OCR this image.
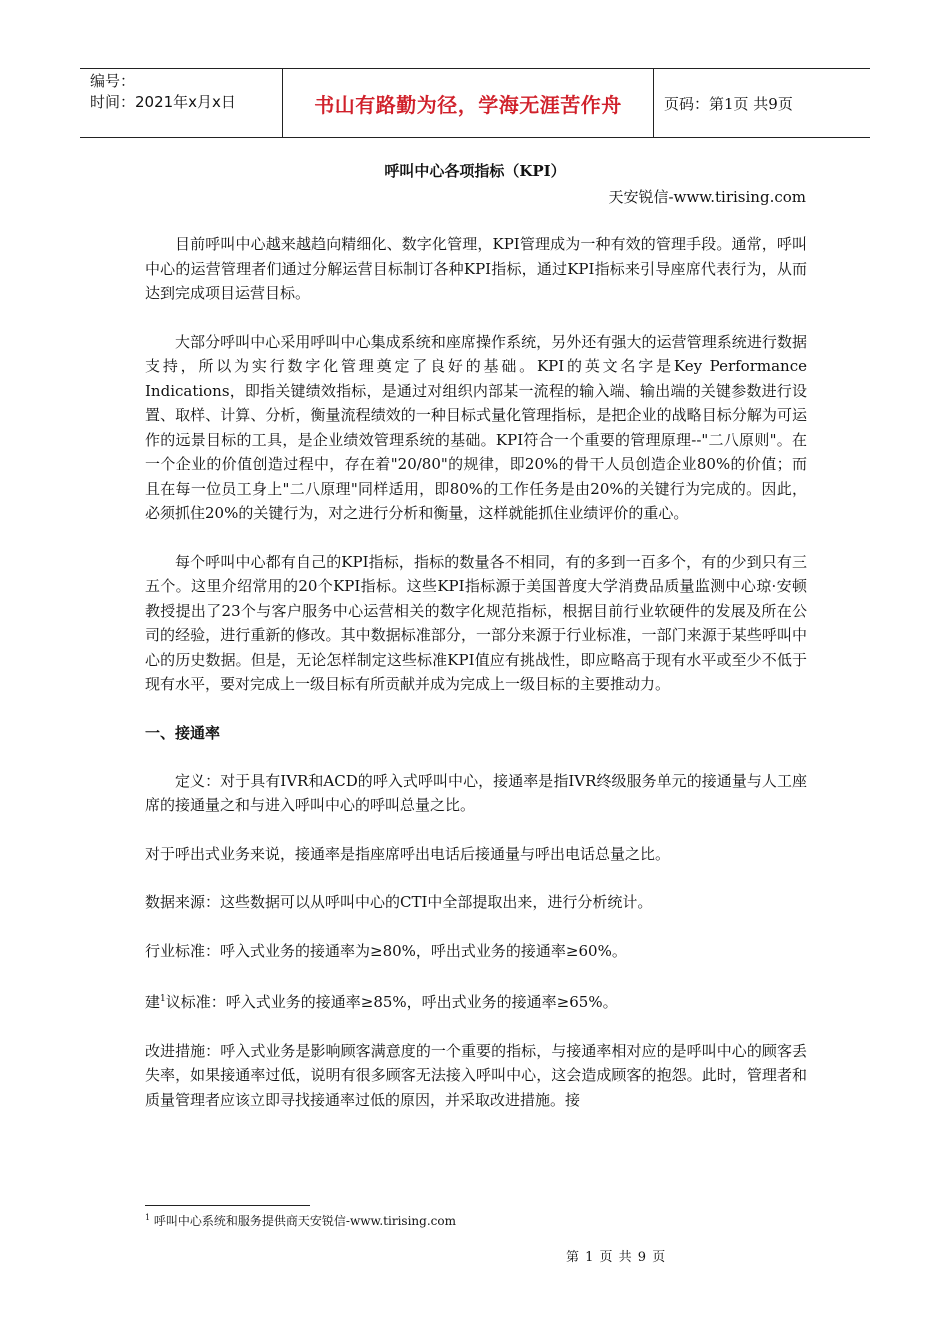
编号：
时间：2021年x月x日	书山有路勤为径，学海无涯苦作舟	页码：第1页 共9页
呼叫中心各项指标（KPI）
天安锐信-www.tirising.com

目前呼叫中心越来越趋向精细化、数字化管理，KPI管理成为一种有效的管理手段。通常，呼叫中心的运营管理者们通过分解运营目标制订各种KPI指标，通过KPI指标来引导座席代表行为，从而达到完成项目运营目标。

大部分呼叫中心采用呼叫中心集成系统和座席操作系统，另外还有强大的运营管理系统进行数据支持，所以为实行数字化管理奠定了良好的基础。KPI的英文名字是Key Performance Indications，即指关键绩效指标，是通过对组织内部某一流程的输入端、输出端的关键参数进行设置、取样、计算、分析，衡量流程绩效的一种目标式量化管理指标，是把企业的战略目标分解为可运作的远景目标的工具，是企业绩效管理系统的基础。KPI符合一个重要的管理原理--"二八原则"。在一个企业的价值创造过程中，存在着"20/80"的规律，即20%的骨干人员创造企业80%的价值；而且在每一位员工身上"二八原理"同样适用，即80%的工作任务是由20%的关键行为完成的。因此，必须抓住20%的关键行为，对之进行分析和衡量，这样就能抓住业绩评价的重心。

每个呼叫中心都有自己的KPI指标，指标的数量各不相同，有的多到一百多个，有的少到只有三五个。这里介绍常用的20个KPI指标。这些KPI指标源于美国普度大学消费品质量监测中心琼·安顿教授提出了23个与客户服务中心运营相关的数字化规范指标，根据目前行业软硬件的发展及所在公司的经验，进行重新的修改。其中数据标准部分，一部分来源于行业标准，一部门来源于某些呼叫中心的历史数据。但是，无论怎样制定这些标准KPI值应有挑战性，即应略高于现有水平或至少不低于现有水平，要对完成上一级目标有所贡献并成为完成上一级目标的主要推动力。

一、接通率

定义：对于具有IVR和ACD的呼入式呼叫中心，接通率是指IVR终级服务单元的接通量与人工座席的接通量之和与进入呼叫中心的呼叫总量之比。

对于呼出式业务来说，接通率是指座席呼出电话后接通量与呼出电话总量之比。

数据来源：这些数据可以从呼叫中心的CTI中全部提取出来，进行分析统计。

行业标准：呼入式业务的接通率为≥80%，呼出式业务的接通率≥60%。

建$^1$议标准：呼入式业务的接通率≥85%，呼出式业务的接通率≥65%。

改进措施：呼入式业务是影响顾客满意度的一个重要的指标，与接通率相对应的是呼叫中心的顾客丢失率，如果接通率过低，说明有很多顾客无法接入呼叫中心，这会造成顾客的抱怨。此时，管理者和质量管理者应该立即寻找接通率过低的原因，并采取改进措施。接

$^1$ 呼叫中心系统和服务提供商天安锐信-www.tirising.com
第 1 页 共 9 页
